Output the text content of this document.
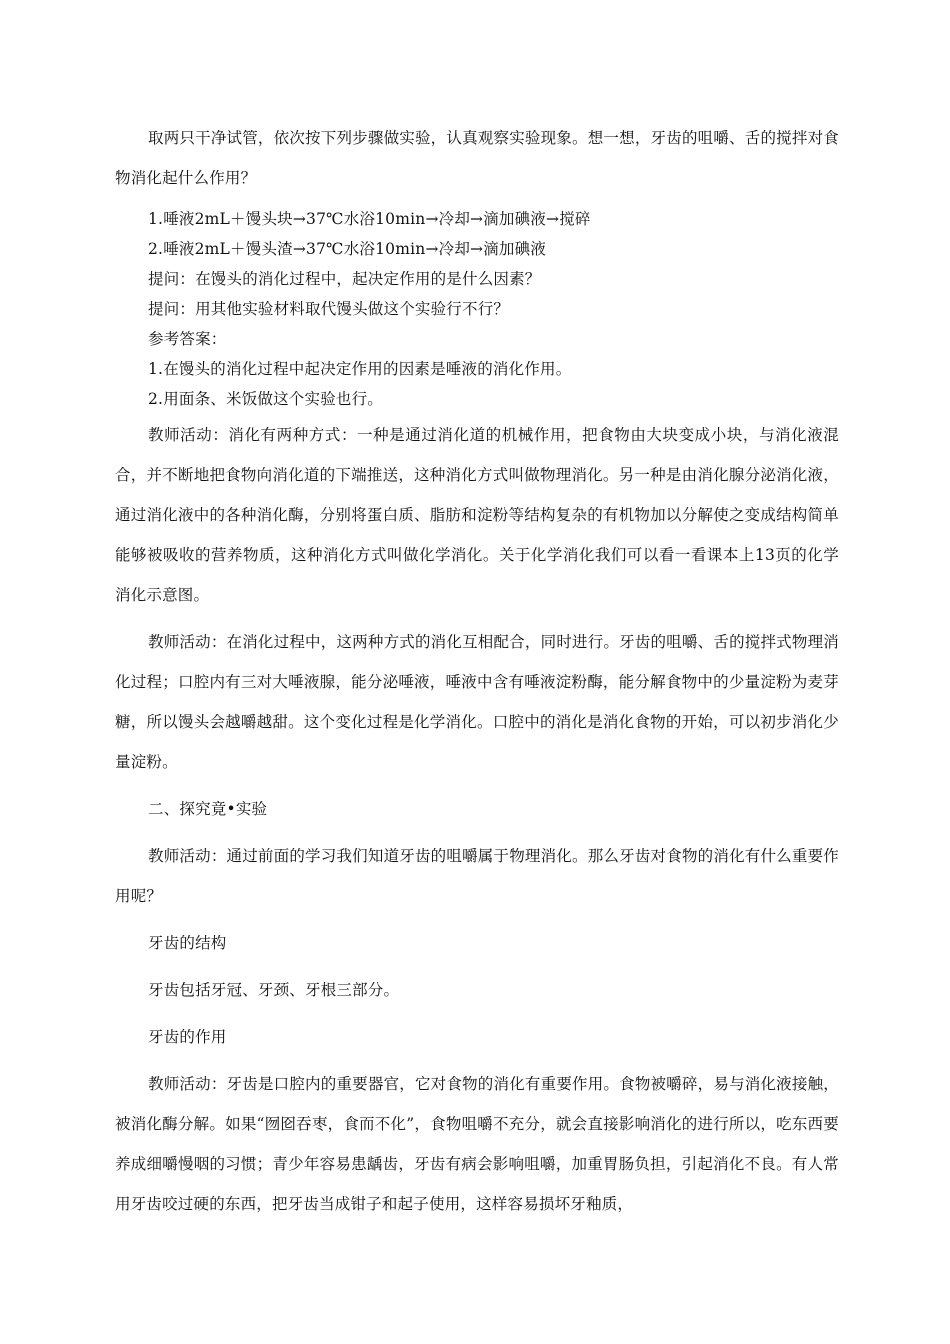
取两只干净试管，依次按下列步骤做实验，认真观察实验现象。想一想，牙齿的咀嚼、舌的搅拌对食物消化起什么作用？

1.唾液2mL＋馒头块→37℃水浴10min→冷却→滴加碘液→搅碎

2.唾液2mL＋馒头渣→37℃水浴10min→冷却→滴加碘液

提问：在馒头的消化过程中，起决定作用的是什么因素？

提问：用其他实验材料取代馒头做这个实验行不行？

参考答案：

1.在馒头的消化过程中起决定作用的因素是唾液的消化作用。

2.用面条、米饭做这个实验也行。

教师活动：消化有两种方式：一种是通过消化道的机械作用，把食物由大块变成小块，与消化液混合，并不断地把食物向消化道的下端推送，这种消化方式叫做物理消化。另一种是由消化腺分泌消化液，通过消化液中的各种消化酶，分别将蛋白质、脂肪和淀粉等结构复杂的有机物加以分解使之变成结构简单能够被吸收的营养物质，这种消化方式叫做化学消化。关于化学消化我们可以看一看课本上13页的化学消化示意图。

教师活动：在消化过程中，这两种方式的消化互相配合，同时进行。牙齿的咀嚼、舌的搅拌式物理消化过程；口腔内有三对大唾液腺，能分泌唾液，唾液中含有唾液淀粉酶，能分解食物中的少量淀粉为麦芽糖，所以馒头会越嚼越甜。这个变化过程是化学消化。口腔中的消化是消化食物的开始，可以初步消化少量淀粉。

二、探究竟•实验

教师活动：通过前面的学习我们知道牙齿的咀嚼属于物理消化。那么牙齿对食物的消化有什么重要作用呢？

牙齿的结构

牙齿包括牙冠、牙颈、牙根三部分。

牙齿的作用

教师活动：牙齿是口腔内的重要器官，它对食物的消化有重要作用。食物被嚼碎，易与消化液接触，被消化酶分解。如果“囫囵吞枣，食而不化”，食物咀嚼不充分，就会直接影响消化的进行所以，吃东西要养成细嚼慢咽的习惯；青少年容易患龋齿，牙齿有病会影响咀嚼，加重胃肠负担，引起消化不良。有人常用牙齿咬过硬的东西，把牙齿当成钳子和起子使用，这样容易损坏牙釉质，
